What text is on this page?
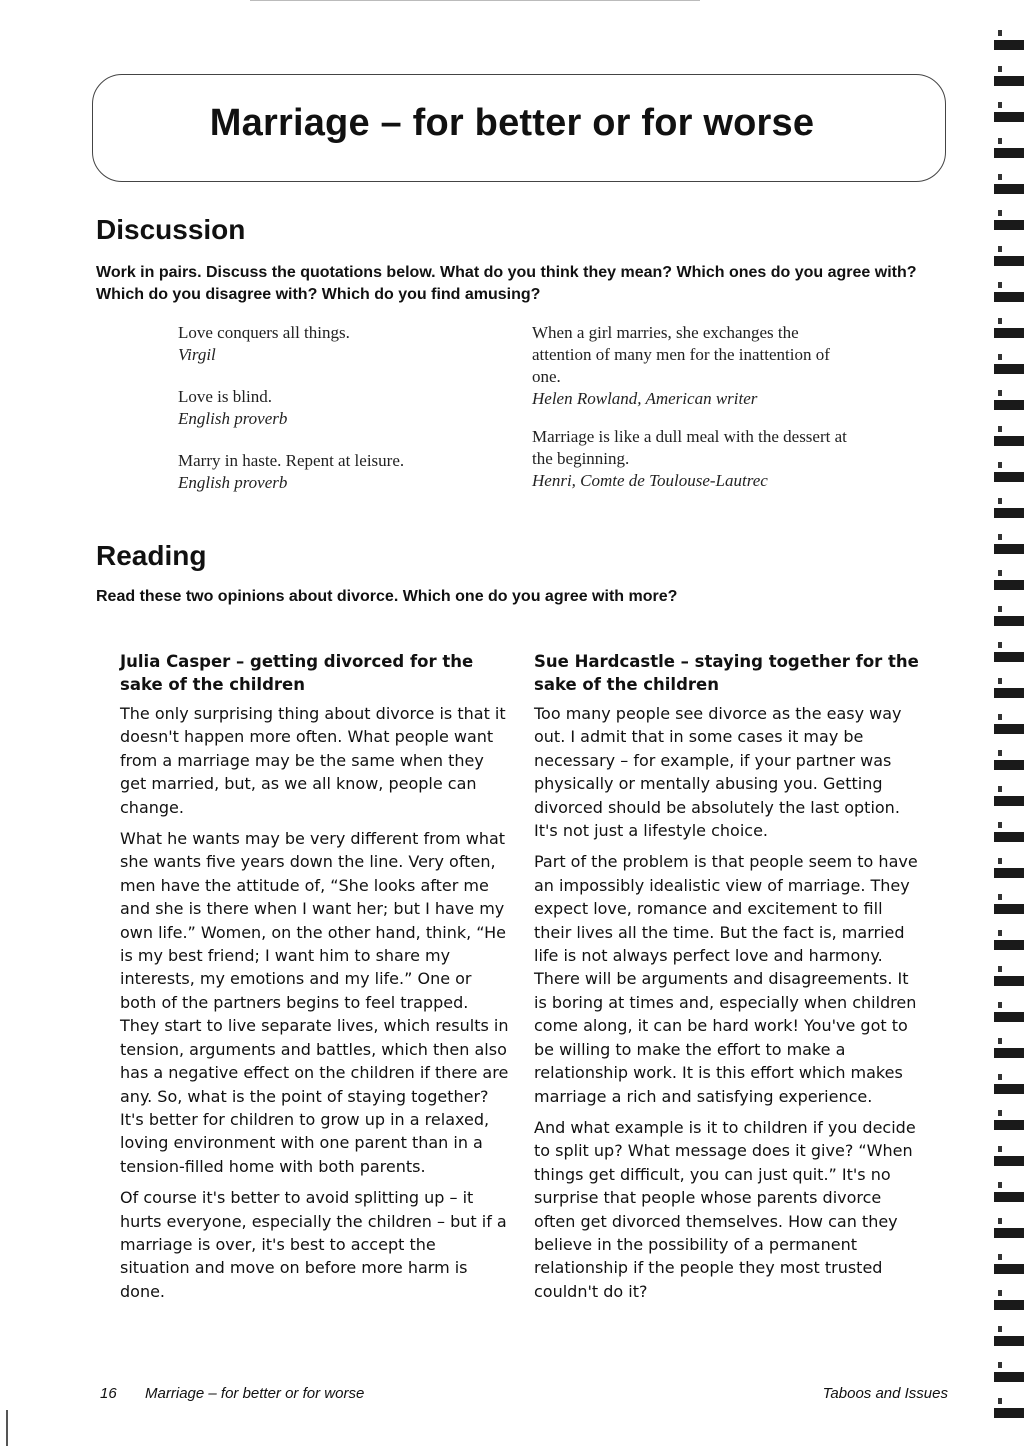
Marriage – for better or for worse
Discussion

Work in pairs. Discuss the quotations below. What do you think they mean? Which ones do you agree with? Which do you disagree with? Which do you find amusing?

Love conquers all things.
Virgil
Love is blind.
English proverb
Marry in haste. Repent at leisure.
English proverb
When a girl marries, she exchanges the attention of many men for the inattention of one.
Helen Rowland, American writer
Marriage is like a dull meal with the dessert at the beginning.
Henri, Comte de Toulouse-Lautrec
Reading

Read these two opinions about divorce. Which one do you agree with more?

Julia Casper – getting divorced for the sake of the children

The only surprising thing about divorce is that it doesn't happen more often. What people want from a marriage may be the same when they get married, but, as we all know, people can change.

What he wants may be very different from what she wants five years down the line. Very often, men have the attitude of, “She looks after me and she is there when I want her; but I have my own life.” Women, on the other hand, think, “He is my best friend; I want him to share my interests, my emotions and my life.” One or both of the partners begins to feel trapped. They start to live separate lives, which results in tension, arguments and battles, which then also has a negative effect on the children if there are any. So, what is the point of staying together? It's better for children to grow up in a relaxed, loving environment with one parent than in a tension-filled home with both parents.

Of course it's better to avoid splitting up – it hurts everyone, especially the children – but if a marriage is over, it's best to accept the situation and move on before more harm is done.

Sue Hardcastle – staying together for the sake of the children

Too many people see divorce as the easy way out. I admit that in some cases it may be necessary – for example, if your partner was physically or mentally abusing you. Getting divorced should be absolutely the last option. It's not just a lifestyle choice.

Part of the problem is that people seem to have an impossibly idealistic view of marriage. They expect love, romance and excitement to fill their lives all the time. But the fact is, married life is not always perfect love and harmony. There will be arguments and disagreements. It is boring at times and, especially when children come along, it can be hard work! You've got to be willing to make the effort to make a relationship work. It is this effort which makes marriage a rich and satisfying experience.

And what example is it to children if you decide to split up? What message does it give? “When things get difficult, you can just quit.” It's no surprise that people whose parents divorce often get divorced themselves. How can they believe in the possibility of a permanent relationship if the people they most trusted couldn't do it?

16 Marriage – for better or for worse	Taboos and Issues
